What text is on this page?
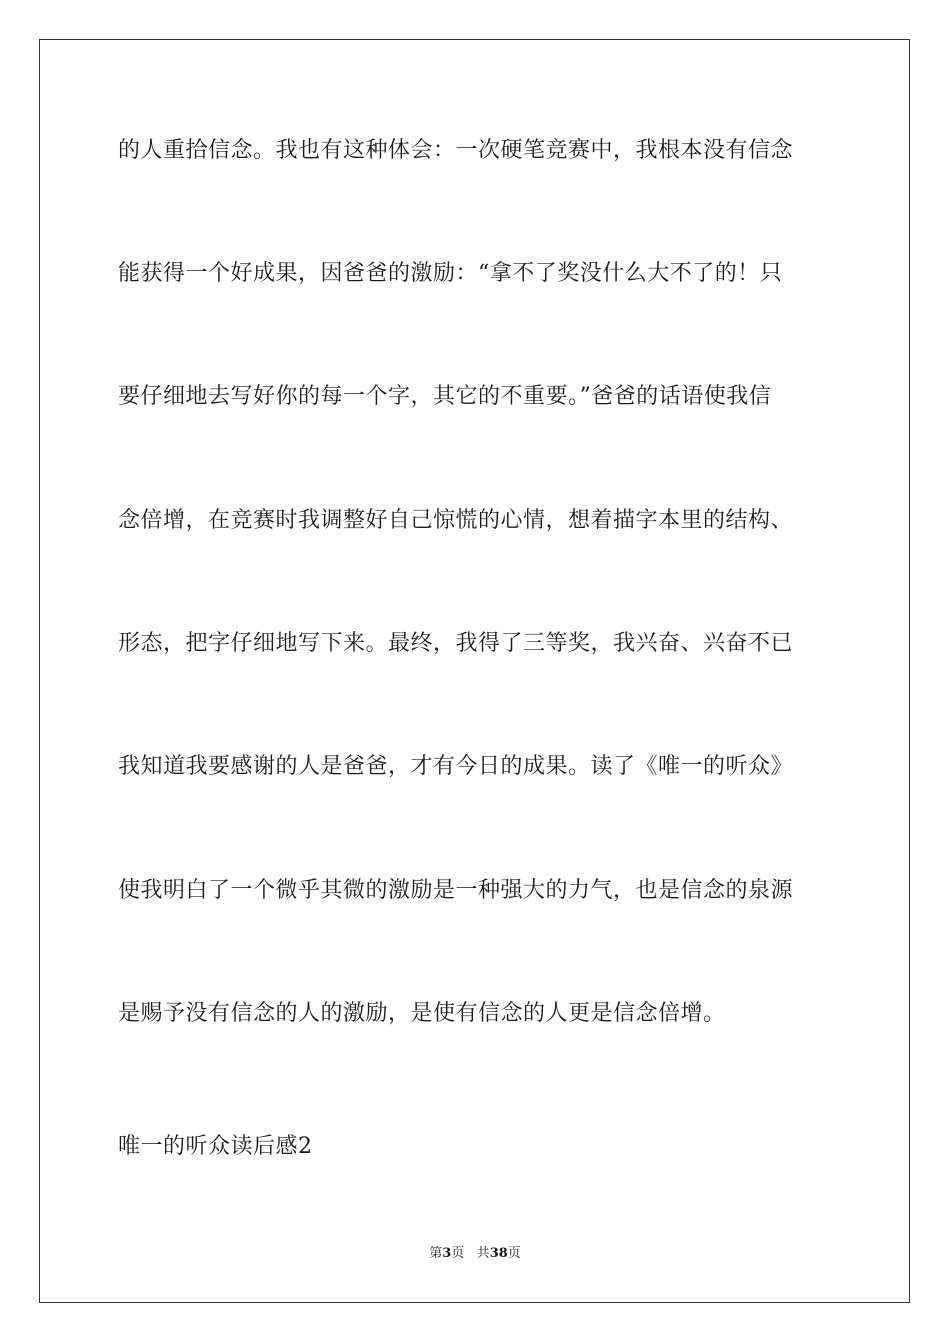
的人重拾信念。我也有这种体会：一次硬笔竞赛中，我根本没有信念
能获得一个好成果，因爸爸的激励：“拿不了奖没什么大不了的！只
要仔细地去写好你的每一个字，其它的不重要。”爸爸的话语使我信
念倍增，在竞赛时我调整好自己惊慌的心情，想着描字本里的结构、
形态，把字仔细地写下来。最终，我得了三等奖，我兴奋、兴奋不已
我知道我要感谢的人是爸爸，才有今日的成果。读了《唯一的听众》
使我明白了一个微乎其微的激励是一种强大的力气，也是信念的泉源
是赐予没有信念的人的激励，是使有信念的人更是信念倍增。
唯一的听众读后感2
第3页 共38页
